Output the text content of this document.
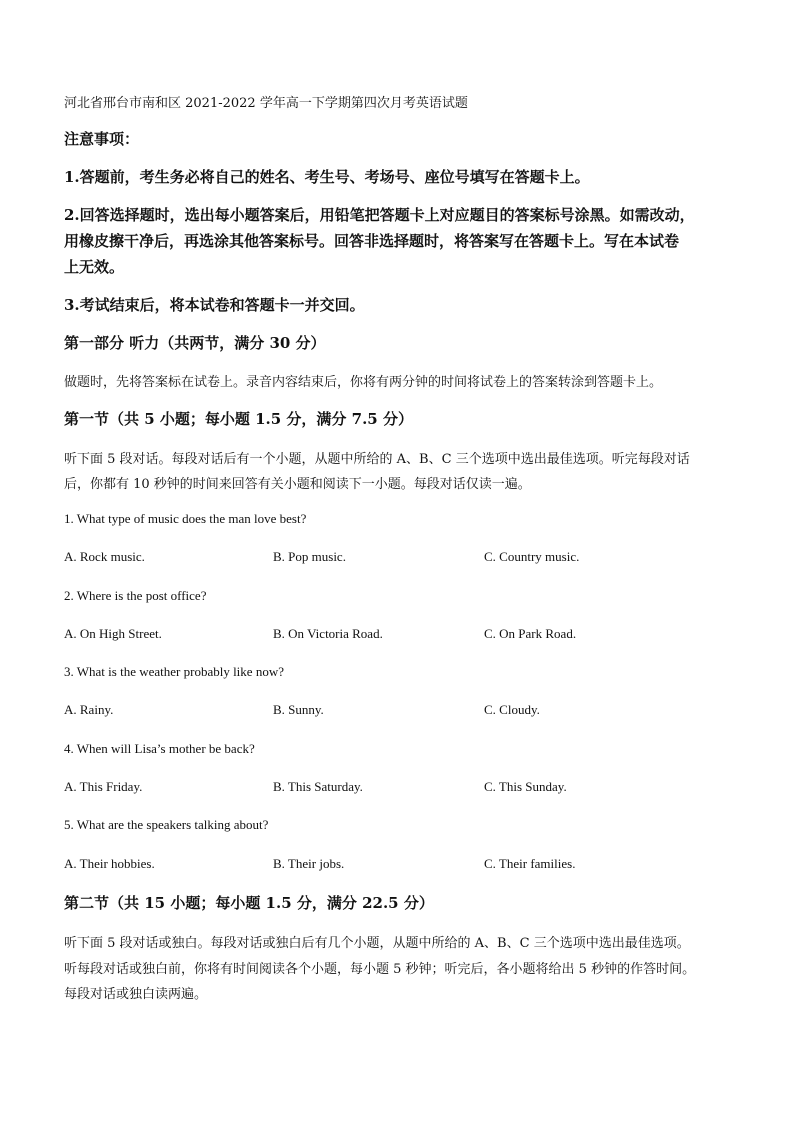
河北省邢台市南和区 2021-2022 学年高一下学期第四次月考英语试题
注意事项：
1.答题前，考生务必将自己的姓名、考生号、考场号、座位号填写在答题卡上。
2.回答选择题时，选出每小题答案后，用铅笔把答题卡上对应题目的答案标号涂黑。如需改动，
用橡皮擦干净后，再选涂其他答案标号。回答非选择题时，将答案写在答题卡上。写在本试卷
上无效。
3.考试结束后，将本试卷和答题卡一并交回。
第一部分 听力（共两节，满分 30 分）
做题时，先将答案标在试卷上。录音内容结束后，你将有两分钟的时间将试卷上的答案转涂到答题卡上。
第一节（共 5 小题；每小题 1.5 分，满分 7.5 分）
听下面 5 段对话。每段对话后有一个小题，从题中所给的 A、B、C 三个选项中选出最佳选项。听完每段对话
后，你都有 10 秒钟的时间来回答有关小题和阅读下一小题。每段对话仅读一遍。
1. What type of music does the man love best?
A. Rock music.	B. Pop music.	C. Country music.
2. Where is the post office?
A. On High Street.	B. On Victoria Road.	C. On Park Road.
3. What is the weather probably like now?
A. Rainy.	B. Sunny.	C. Cloudy.
4. When will Lisa’s mother be back?
A. This Friday.	B. This Saturday.	C. This Sunday.
5. What are the speakers talking about?
A. Their hobbies.	B. Their jobs.	C. Their families.
第二节（共 15 小题；每小题 1.5 分，满分 22.5 分）
听下面 5 段对话或独白。每段对话或独白后有几个小题，从题中所给的 A、B、C 三个选项中选出最佳选项。
听每段对话或独白前，你将有时间阅读各个小题，每小题 5 秒钟；听完后，各小题将给出 5 秒钟的作答时间。
每段对话或独白读两遍。
